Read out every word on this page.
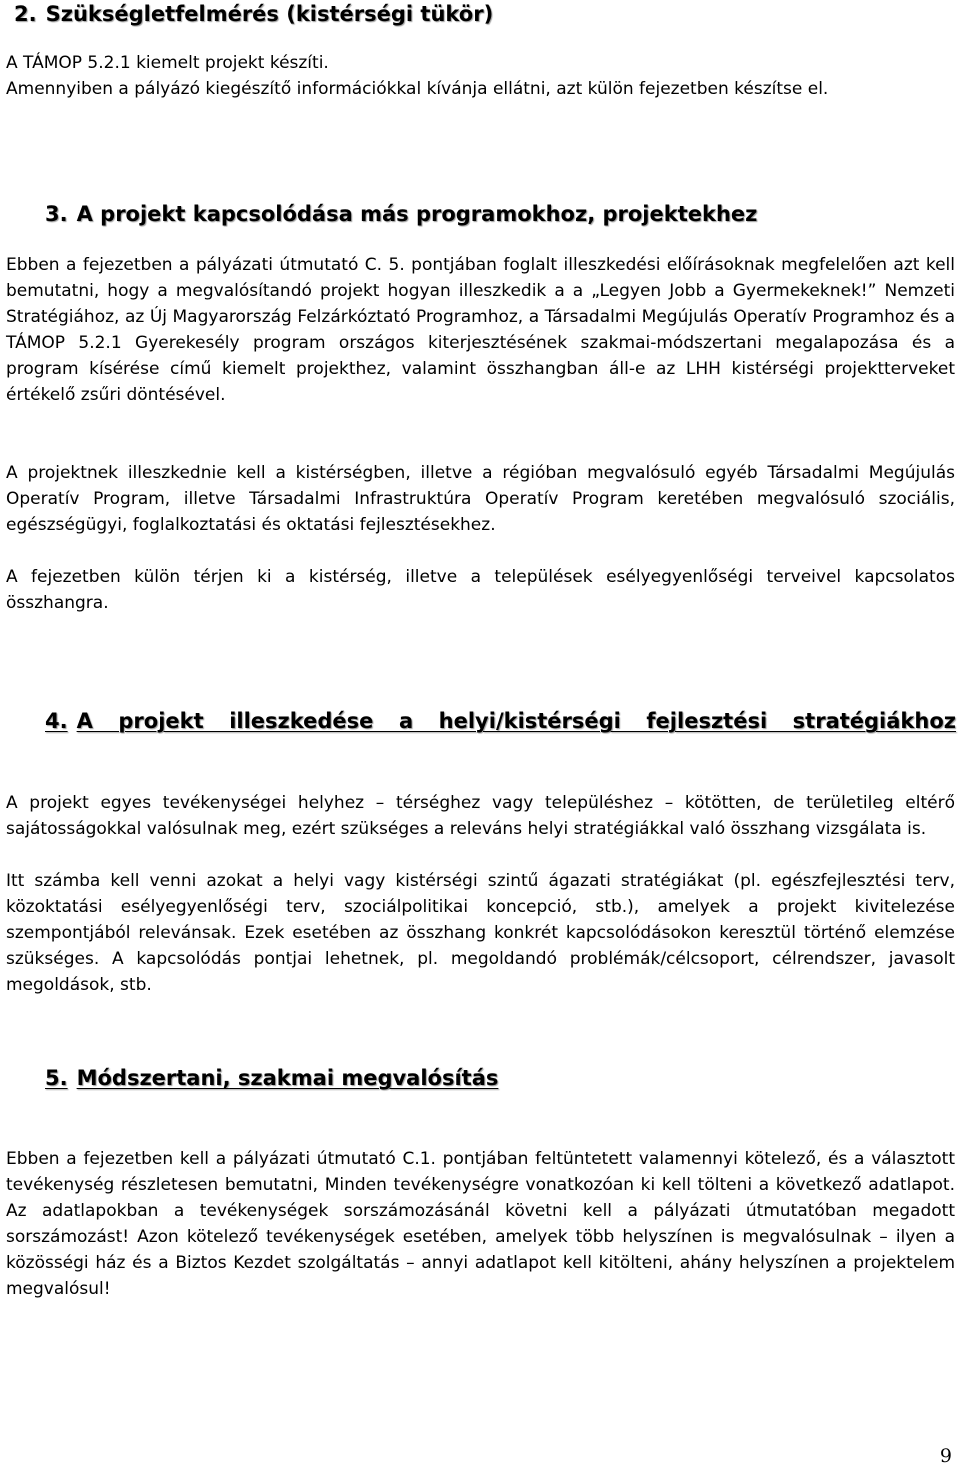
2. Szükségletfelmérés (kistérségi tükör)

A TÁMOP 5.2.1 kiemelt projekt készíti.
Amennyiben a pályázó kiegészítő információkkal kívánja ellátni, azt külön fejezetben készítse el.

3. A projekt kapcsolódása más programokhoz, projektekhez

Ebben a fejezetben a pályázati útmutató C. 5. pontjában foglalt illeszkedési előírásoknak megfelelően azt kell bemutatni, hogy a megvalósítandó projekt hogyan illeszkedik a a „Legyen Jobb a Gyermekeknek!” Nemzeti Stratégiához, az Új Magyarország Felzárkóztató Programhoz, a Társadalmi Megújulás Operatív Programhoz és a TÁMOP 5.2.1 Gyerekesély program országos kiterjesztésének szakmai-módszertani megalapozása és a program kísérése című kiemelt projekthez, valamint összhangban áll-e az LHH kistérségi projektterveket értékelő zsűri döntésével.

A projektnek illeszkednie kell a kistérségben, illetve a régióban megvalósuló egyéb Társadalmi Megújulás Operatív Program, illetve Társadalmi Infrastruktúra Operatív Program keretében megvalósuló szociális, egészségügyi, foglalkoztatási és oktatási fejlesztésekhez.

A fejezetben külön térjen ki a kistérség, illetve a települések esélyegyenlőségi terveivel kapcsolatos összhangra.

4. A projekt illeszkedése a helyi/kistérségi fejlesztési stratégiákhoz

A projekt egyes tevékenységei helyhez – térséghez vagy településhez – kötötten, de területileg eltérő sajátosságokkal valósulnak meg, ezért szükséges a releváns helyi stratégiákkal való összhang vizsgálata is.

Itt számba kell venni azokat a helyi vagy kistérségi szintű ágazati stratégiákat (pl. egészfejlesztési terv, közoktatási esélyegyenlőségi terv, szociálpolitikai koncepció, stb.), amelyek a projekt kivitelezése szempontjából relevánsak. Ezek esetében az összhang konkrét kapcsolódásokon keresztül történő elemzése szükséges. A kapcsolódás pontjai lehetnek, pl. megoldandó problémák/célcsoport, célrendszer, javasolt megoldások, stb.

5. Módszertani, szakmai megvalósítás

Ebben a fejezetben kell a pályázati útmutató C.1. pontjában feltüntetett valamennyi kötelező, és a választott tevékenység részletesen bemutatni, Minden tevékenységre vonatkozóan ki kell tölteni a következő adatlapot. Az adatlapokban a tevékenységek sorszámozásánál követni kell a pályázati útmutatóban megadott sorszámozást! Azon kötelező tevékenységek esetében, amelyek több helyszínen is megvalósulnak – ilyen a közösségi ház és a Biztos Kezdet szolgáltatás – annyi adatlapot kell kitölteni, ahány helyszínen a projektelem megvalósul!

9
